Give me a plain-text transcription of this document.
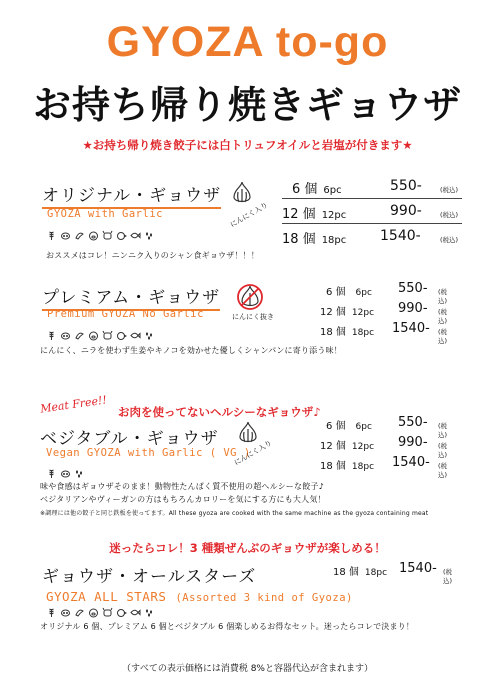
GYOZA to-go
お持ち帰り焼きギョウザ
★お持ち帰り焼き餃子には白トリュフオイルと岩塩が付きます★
オリジナル・ギョウザ
GYOZA with Garlic	にんにく入り
おススメはコレ！ニンニク入りのシャン食ギョウザ！！！
6 個 6pc	550-	(税込)
12 個 12pc	990-	(税込)
18 個 18pc 1540-	(税込)
プレミアム・ギョウザ
Premium GYOZA No Garlic	にんにく抜き
にんにく、ニラを使わず生姜やキノコを効かせた優しくシャンパンに寄り添う味！
6 個 6pc 550- (税込)
12 個 12pc 990- (税込)
18 個 18pc 1540- (税込)
Meat Free!! お肉を使ってないヘルシーなギョウザ♪
ベジタブル・ギョウザ
Vegan GYOZA with Garlic ( VG )
にんにく入り
味や食感はギョウザそのまま！動物性たんぱく質不使用の超ヘルシーな餃子♪
ベジタリアンやヴィーガンの方はもちろんカロリーを気にする方にも大人気！
※調理には他の餃子と同じ鉄板を使ってます。All these gyoza are cooked with the same machine as the gyoza containing meat
6 個 6pc 550- (税込)
12 個 12pc 990- (税込)
18 個 18pc 1540- (税込)
迷ったらコレ！3 種類ぜんぶのギョウザが楽しめる！
ギョウザ・オールスターズ
GYOZA ALL STARS (Assorted 3 kind of Gyoza)
オリジナル 6 個、プレミアム 6 個とベジタブル 6 個楽しめるお得なセット。迷ったらコレで決まり！
18 個 18pc 1540- (税込)
（すべての表示価格には消費税 8%と容器代込が含まれます）
